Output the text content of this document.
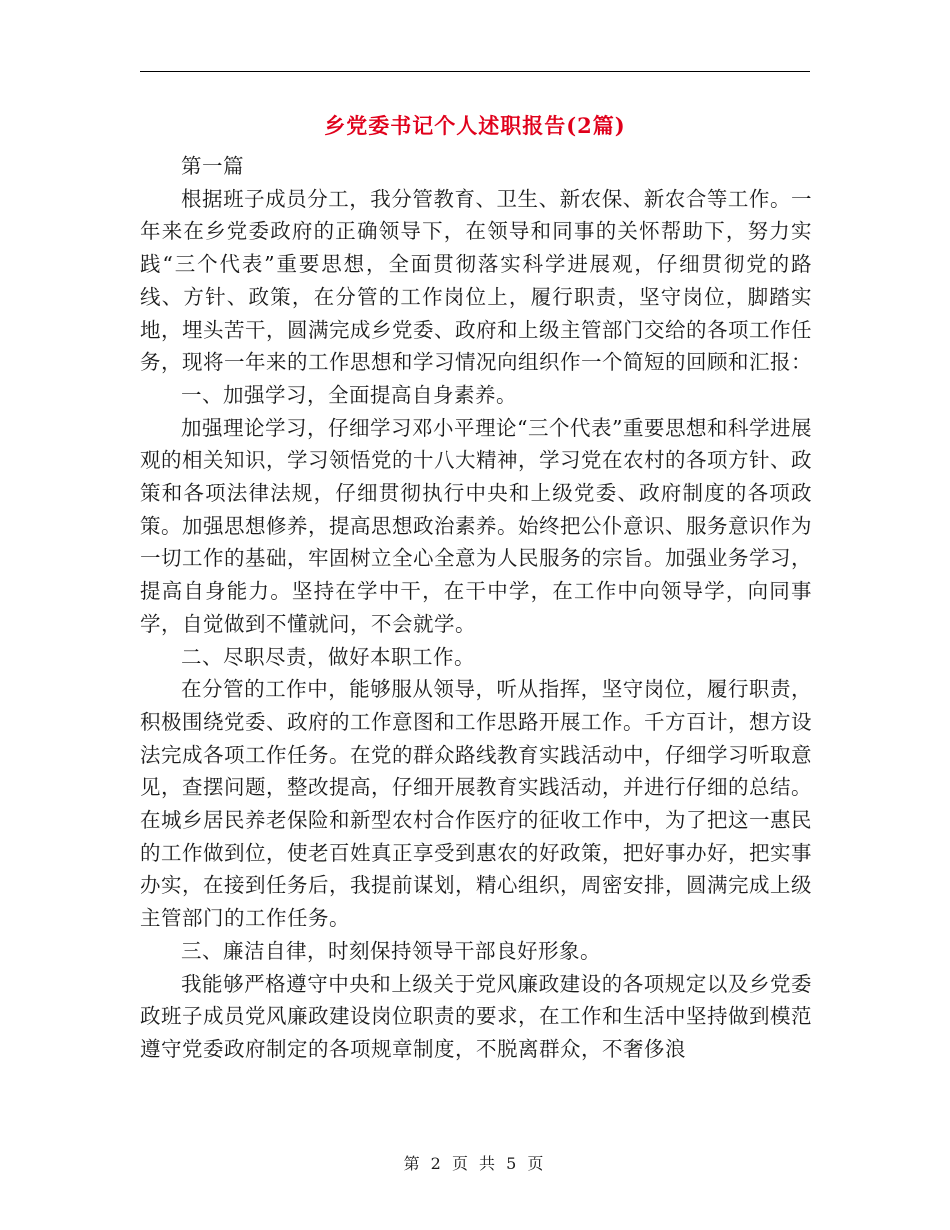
乡党委书记个人述职报告(2篇)

第一篇

根据班子成员分工，我分管教育、卫生、新农保、新农合等工作。一年来在乡党委政府的正确领导下，在领导和同事的关怀帮助下，努力实践“三个代表”重要思想，全面贯彻落实科学进展观，仔细贯彻党的路线、方针、政策，在分管的工作岗位上，履行职责，坚守岗位，脚踏实地，埋头苦干，圆满完成乡党委、政府和上级主管部门交给的各项工作任务，现将一年来的工作思想和学习情况向组织作一个简短的回顾和汇报：

一、加强学习，全面提高自身素养。

加强理论学习，仔细学习邓小平理论“三个代表”重要思想和科学进展观的相关知识，学习领悟党的十八大精神，学习党在农村的各项方针、政策和各项法律法规，仔细贯彻执行中央和上级党委、政府制度的各项政策。加强思想修养，提高思想政治素养。始终把公仆意识、服务意识作为一切工作的基础，牢固树立全心全意为人民服务的宗旨。加强业务学习，提高自身能力。坚持在学中干，在干中学，在工作中向领导学，向同事学，自觉做到不懂就问，不会就学。

二、尽职尽责，做好本职工作。

在分管的工作中，能够服从领导，听从指挥，坚守岗位，履行职责，积极围绕党委、政府的工作意图和工作思路开展工作。千方百计，想方设法完成各项工作任务。在党的群众路线教育实践活动中，仔细学习听取意见，查摆问题，整改提高，仔细开展教育实践活动，并进行仔细的总结。在城乡居民养老保险和新型农村合作医疗的征收工作中，为了把这一惠民的工作做到位，使老百姓真正享受到惠农的好政策，把好事办好，把实事办实，在接到任务后，我提前谋划，精心组织，周密安排，圆满完成上级主管部门的工作任务。

三、廉洁自律，时刻保持领导干部良好形象。

我能够严格遵守中央和上级关于党风廉政建设的各项规定以及乡党委政班子成员党风廉政建设岗位职责的要求，在工作和生活中坚持做到模范遵守党委政府制定的各项规章制度，不脱离群众，不奢侈浪

第 2 页 共 5 页
